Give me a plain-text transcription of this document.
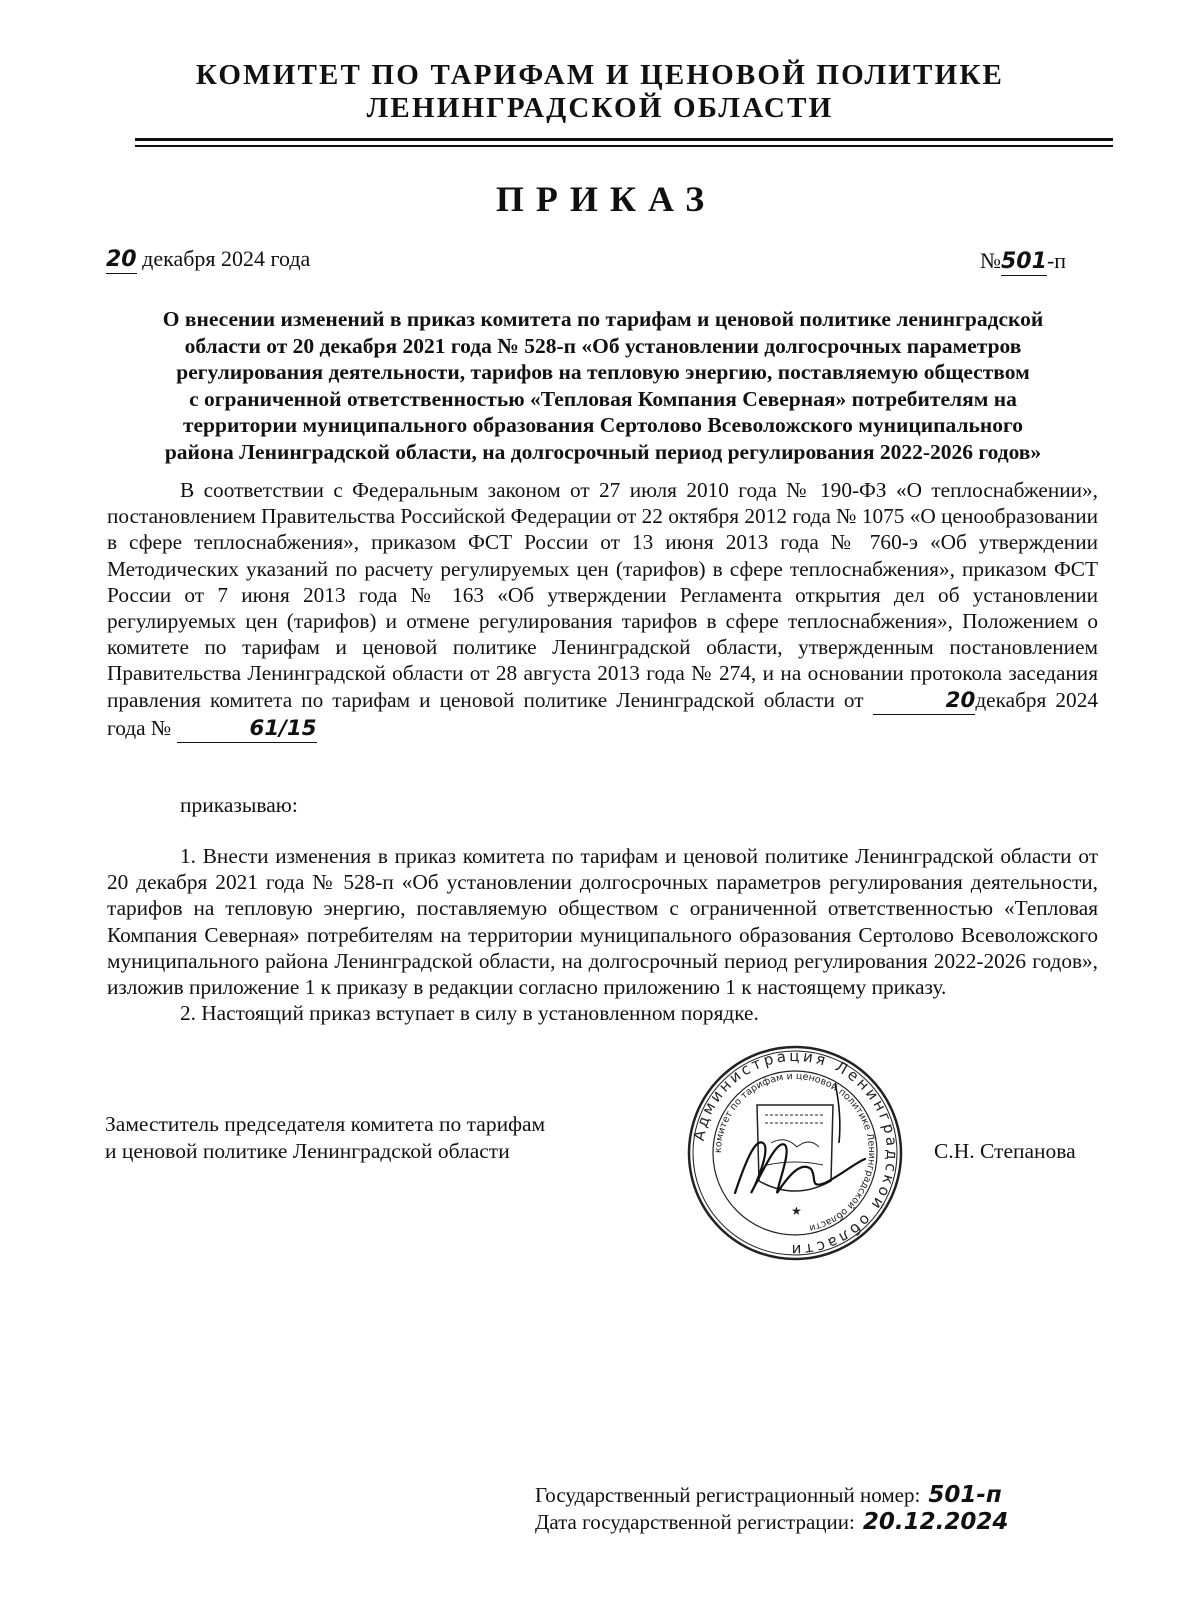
КОМИТЕТ ПО ТАРИФАМ И ЦЕНОВОЙ ПОЛИТИКЕ
ЛЕНИНГРАДСКОЙ ОБЛАСТИ
ПРИКАЗ
20 декабря 2024 года	№501-п
О внесении изменений в приказ комитета по тарифам и ценовой политике ленинградской
области от 20 декабря 2021 года № 528-п «Об установлении долгосрочных параметров
регулирования деятельности, тарифов на тепловую энергию, поставляемую обществом
с ограниченной ответственностью «Тепловая Компания Северная» потребителям на
территории муниципального образования Сертолово Всеволожского муниципального
района Ленинградской области, на долгосрочный период регулирования 2022-2026 годов»
В соответствии с Федеральным законом от 27 июля 2010 года № 190-ФЗ «О теплоснабжении», постановлением Правительства Российской Федерации от 22 октября 2012 года № 1075 «О ценообразовании в сфере теплоснабжения», приказом ФСТ России от 13 июня 2013 года № 760-э «Об утверждении Методических указаний по расчету регулируемых цен (тарифов) в сфере теплоснабжения», приказом ФСТ России от 7 июня 2013 года № 163 «Об утверждении Регламента открытия дел об установлении регулируемых цен (тарифов) и отмене регулирования тарифов в сфере теплоснабжения», Положением о комитете по тарифам и ценовой политике Ленинградской области, утвержденным постановлением Правительства Ленинградской области от 28 августа 2013 года № 274, и на основании протокола заседания правления комитета по тарифам и ценовой политике Ленинградской области от	20декабря 2024 года №	61/15
приказываю:
1. Внести изменения в приказ комитета по тарифам и ценовой политике Ленинградской области от 20 декабря 2021 года № 528-п «Об установлении долгосрочных параметров регулирования деятельности, тарифов на тепловую энергию, поставляемую обществом с ограниченной ответственностью «Тепловая Компания Северная» потребителям на территории муниципального образования Сертолово Всеволожского муниципального района Ленинградской области, на долгосрочный период регулирования 2022-2026 годов», изложив приложение 1 к приказу в редакции согласно приложению 1 к настоящему приказу.
2. Настоящий приказ вступает в силу в установленном порядке.
Заместитель председателя комитета по тарифам
и ценовой политике Ленинградской области	С.Н. Степанова
Администрация Ленинградской области
комитет по тарифам и ценовой политике Ленинградской области
★
Государственный регистрационный номер: 501-п
Дата государственной регистрации: 20.12.2024
